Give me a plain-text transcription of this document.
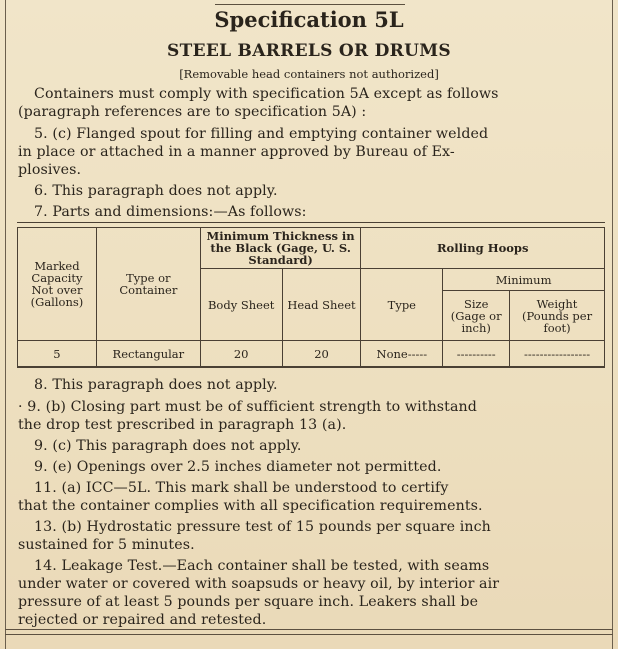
Specification 5L
STEEL BARRELS OR DRUMS
[Removable head containers not authorized]
Containers must comply with specification 5A except as follows
(paragraph references are to specification 5A) :
5. (c) Flanged spout for filling and emptying container welded
in place or attached in a manner approved by Bureau of Ex-
plosives.
6. This paragraph does not apply.
7. Parts and dimensions:—As follows:
Marked Capacity Not over (Gallons)	Type or Container	Minimum Thickness in the Black (Gage, U. S. Standard)		Rolling Hoops		
		Body Sheet	Head Sheet	Type	Minimum	
					Size (Gage or inch)	Weight (Pounds per foot)
5	Rectangular	20	20	None-----	----------	-----------------
8. This paragraph does not apply.
· 9. (b) Closing part must be of sufficient strength to withstand
the drop test prescribed in paragraph 13 (a).
9. (c) This paragraph does not apply.
9. (e) Openings over 2.5 inches diameter not permitted.
11. (a) ICC—5L. This mark shall be understood to certify
that the container complies with all specification requirements.
13. (b) Hydrostatic pressure test of 15 pounds per square inch
sustained for 5 minutes.
14. Leakage Test.—Each container shall be tested, with seams
under water or covered with soapsuds or heavy oil, by interior air
pressure of at least 5 pounds per square inch. Leakers shall be
rejected or repaired and retested.
